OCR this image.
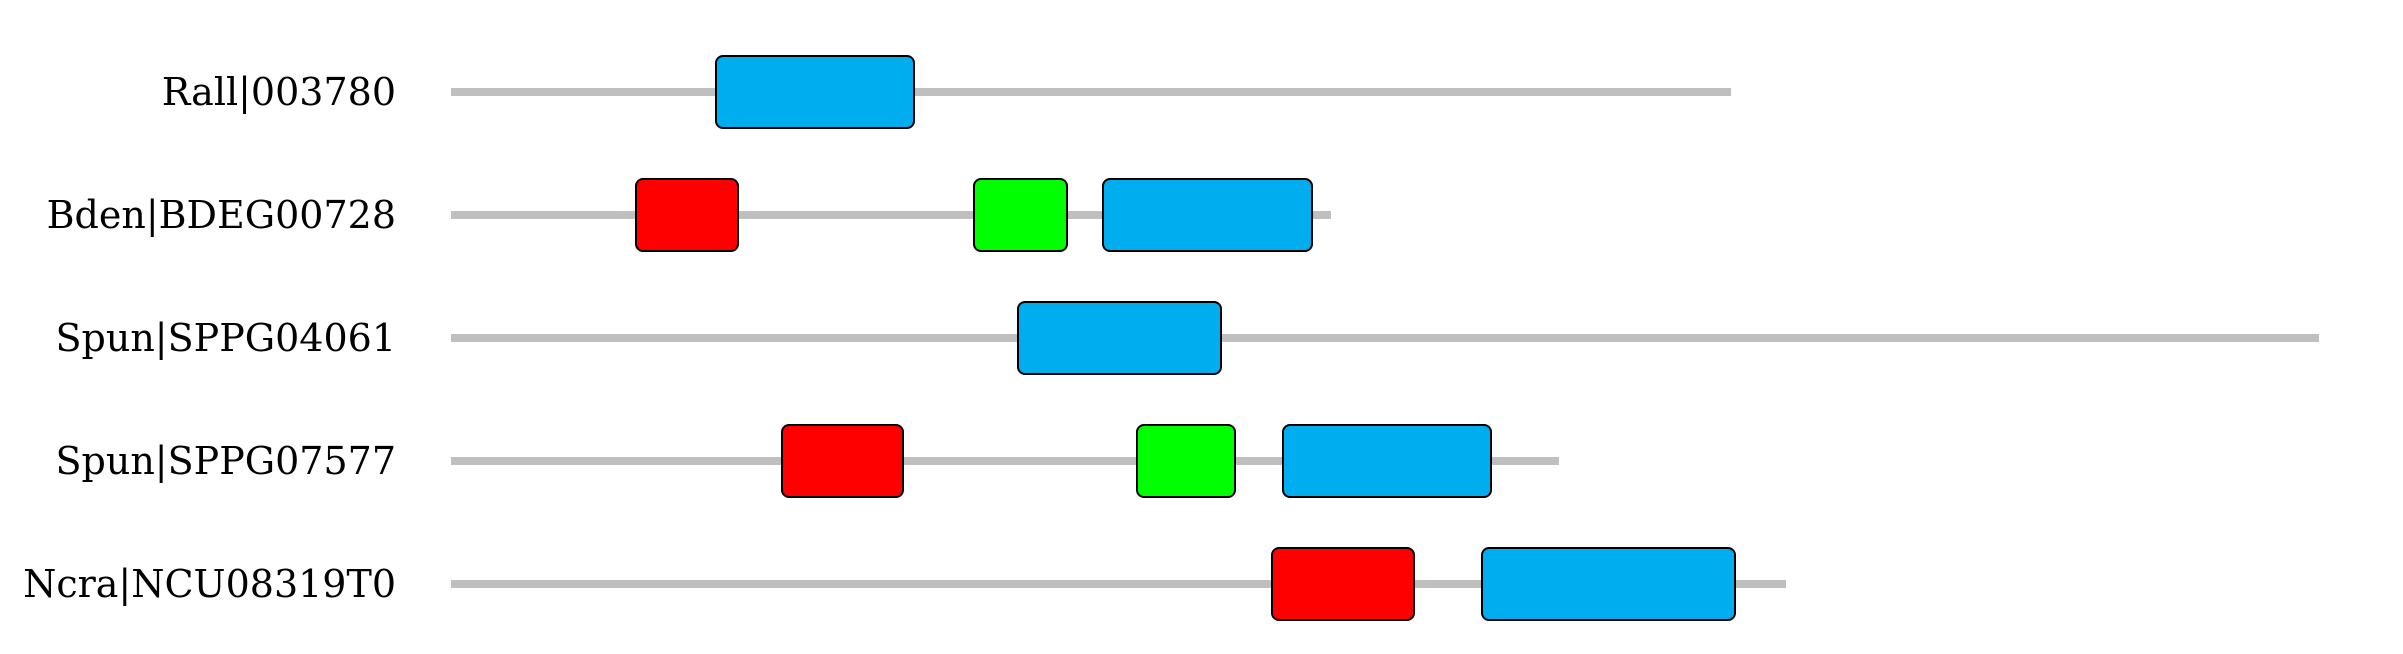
Rall|003780
Bden|BDEG00728
Spun|SPPG04061
Spun|SPPG07577
Ncra|NCU08319T0
